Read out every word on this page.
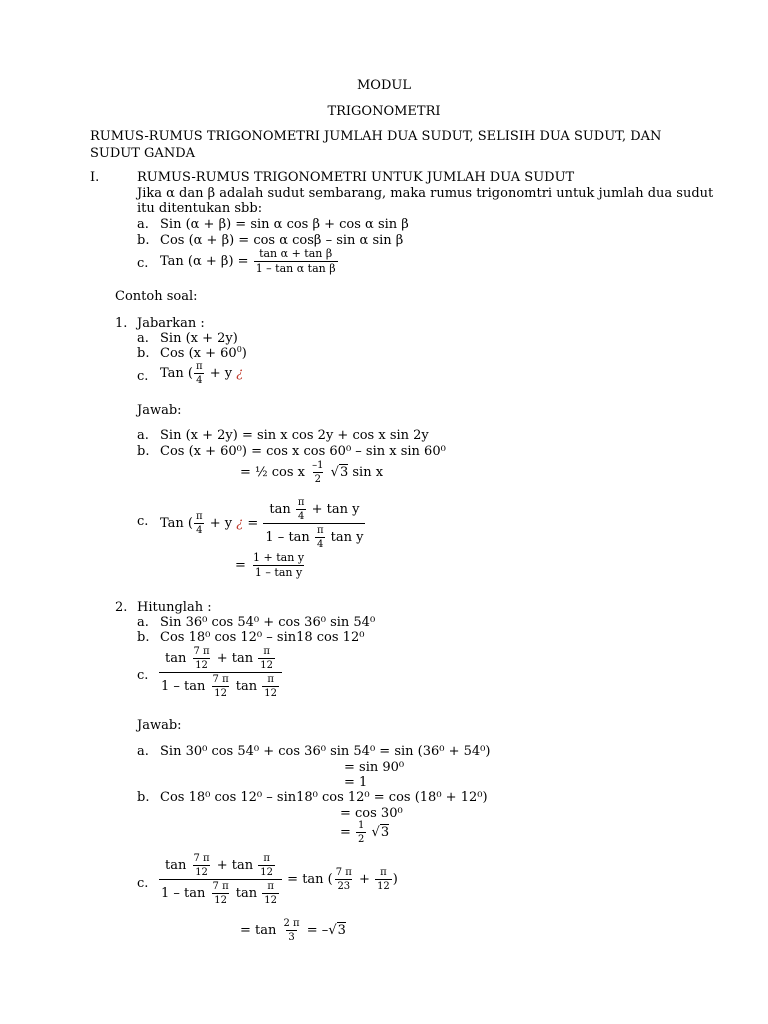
MODUL
TRIGONOMETRI
RUMUS-RUMUS TRIGONOMETRI JUMLAH DUA SUDUT, SELISIH DUA SUDUT, DAN SUDUT GANDA
I.	RUMUS-RUMUS TRIGONOMETRI UNTUK JUMLAH DUA SUDUT
Jika α dan β adalah sudut sembarang, maka rumus trigonomtri untuk jumlah dua sudut
itu ditentukan sbb:
a. Sin (α + β) = sin α cos β + cos α sin β
b. Cos (α + β) = cos α cosβ – sin α sin β
c. Tan $(\alpha + \beta) = \frac{\text{tan α + tan β}}{\text{1 – tan α tan β}}$
Contoh soal:
1. Jabarkan :
a. Sin (x + 2y)
b. Cos $(x + 60^0)$
c. Tan ( $\frac{\pi}{4} + y$ ¿
Jawab:
a. Sin (x + 2y) = sin x cos 2y + cos x sin 2y
b. Cos (x + 60⁰) = cos x cos 60⁰ – sin x sin 60⁰
= ½ cos x $\frac{-1}{2} √3$ sin x
c. Tan ( $\frac{\pi}{4} + y$ ¿ = $\frac{\tan \frac{\pi}{4} + \tan y}{1 - \tan \frac{\pi}{4} \tan y}$
= $\frac{\text{1 + tan y}}{\text{1 – tan y}}$
2. Hitunglah :
a. Sin 36⁰ cos 54⁰ + cos 36⁰ sin 54⁰
b. Cos 18⁰ cos 12⁰ – sin18 cos 12⁰
c. $\frac{\tan \frac{7 \pi}{12} + \tan \frac{\pi}{12}}{1 - \tan \frac{7 \pi}{12} \tan \frac{\pi}{12}}$
Jawab:
a. Sin 30⁰ cos 54⁰ + cos 36⁰ sin 54⁰ = sin (36⁰ + 54⁰)
= sin 90⁰
= 1
b. Cos 18⁰ cos 12⁰ – sin18⁰ cos 12⁰ = cos (18⁰ + 12⁰)
= cos 30⁰
= $\frac{1}{2} √3$
c. $\frac{\tan \frac{7 \pi}{12} + \tan \frac{\pi}{12}}{1 - \tan \frac{7 \pi}{12} \tan \frac{\pi}{12}} = \tan$ ( $\frac{7 \pi}{23} + \frac{\pi}{12}$ )
= $\tan \frac{2 \pi}{3} = -√3$
